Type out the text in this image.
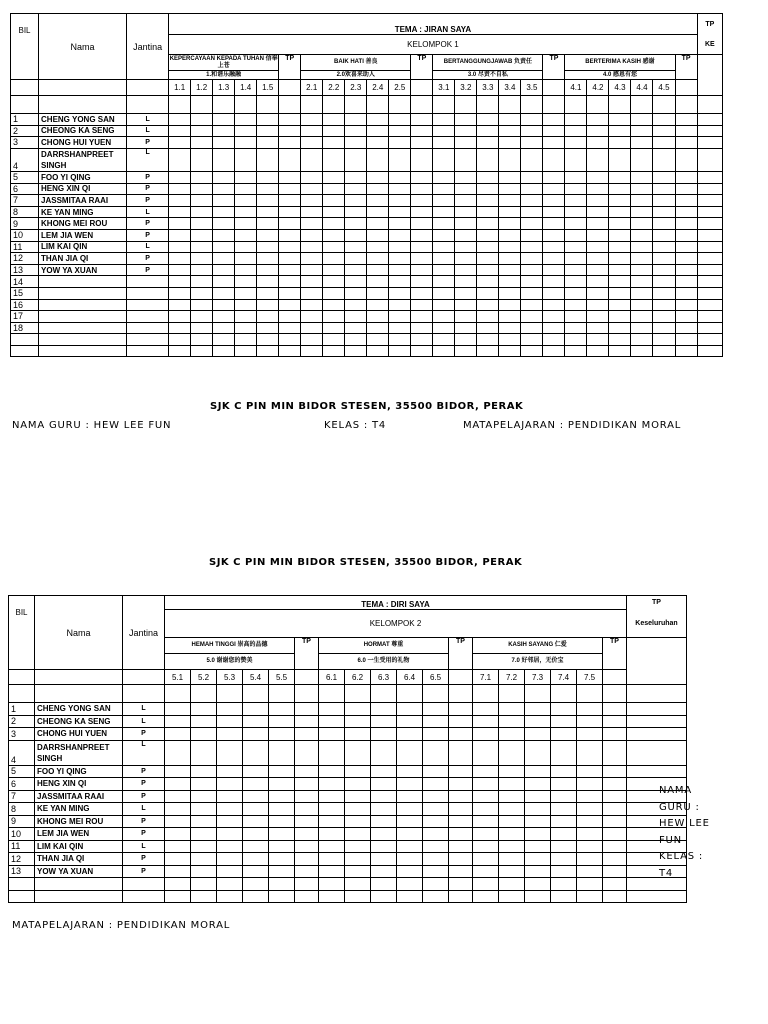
BIL	Nama	Jantina	TEMA : JIRAN SAYA																								TP
			KELOMPOK 1																								KE
			KEPERCAYAAN KEPADA TUHAN 信奉上苍					TP	BAIK HATI 善良					TP	BERTANGGUNGJAWAB 负责任					TP	BERTERIMA KASIH 感谢					TP	
			1.和谐乐融融						2.0欢喜来助人						3.0 尽责不自私						4.0 感恩有您						
			1.1	1.2	1.3	1.4	1.5		2.1	2.2	2.3	2.4	2.5		3.1	3.2	3.3	3.4	3.5		4.1	4.2	4.3	4.4	4.5		

1	CHENG YONG SAN	L																									
2	CHEONG KA SENG	L																									
3	CHONG HUI YUEN	P																									
4	DARRSHANPREET SINGH	L																									
5	FOO YI QING	P																									
6	HENG XIN QI	P																									
7	JASSMITAA RAAI	P																									
8	KE YAN MING	L																									
9	KHONG MEI ROU	P																									
10	LEM JIA WEN	P																									
11	LIM KAI QIN	L																									
12	THAN JIA QI	P																									
13	YOW YA XUAN	P																									
14																											
15																											
16																											
17																											
18																											

SJK C PIN MIN BIDOR STESEN, 35500 BIDOR, PERAK
NAMA GURU : HEW LEE FUN	KELAS : T4	MATAPELAJARAN : PENDIDIKAN MORAL
SJK C PIN MIN BIDOR STESEN, 35500 BIDOR, PERAK
BIL	Nama	Jantina	TEMA : DIRI SAYA																		TP
			KELOMPOK 2																		Keseluruhan
			HEMAH TINGGI 崇高的品德					TP	HORMAT 尊重					TP	KASIH SAYANG 仁爱					TP	
			5.0 谢谢您的赞美						6.0 一生受用的礼物						7.0 好邻居，无价宝						
			5.1	5.2	5.3	5.4	5.5		6.1	6.2	6.3	6.4	6.5		7.1	7.2	7.3	7.4	7.5		

1	CHENG YONG SAN	L																			
2	CHEONG KA SENG	L																			
3	CHONG HUI YUEN	P																			
4	DARRSHANPREET SINGH	L																			
5	FOO YI QING	P																			
6	HENG XIN QI	P																			
7	JASSMITAA RAAI	P																			
8	KE YAN MING	L																			
9	KHONG MEI ROU	P																			
10	LEM JIA WEN	P																			
11	LIM KAI QIN	L																			
12	THAN JIA QI	P																			
13	YOW YA XUAN	P																			

NAMA
GURU :
HEW LEE
FUN
KELAS : T4
MATAPELAJARAN : PENDIDIKAN MORAL
